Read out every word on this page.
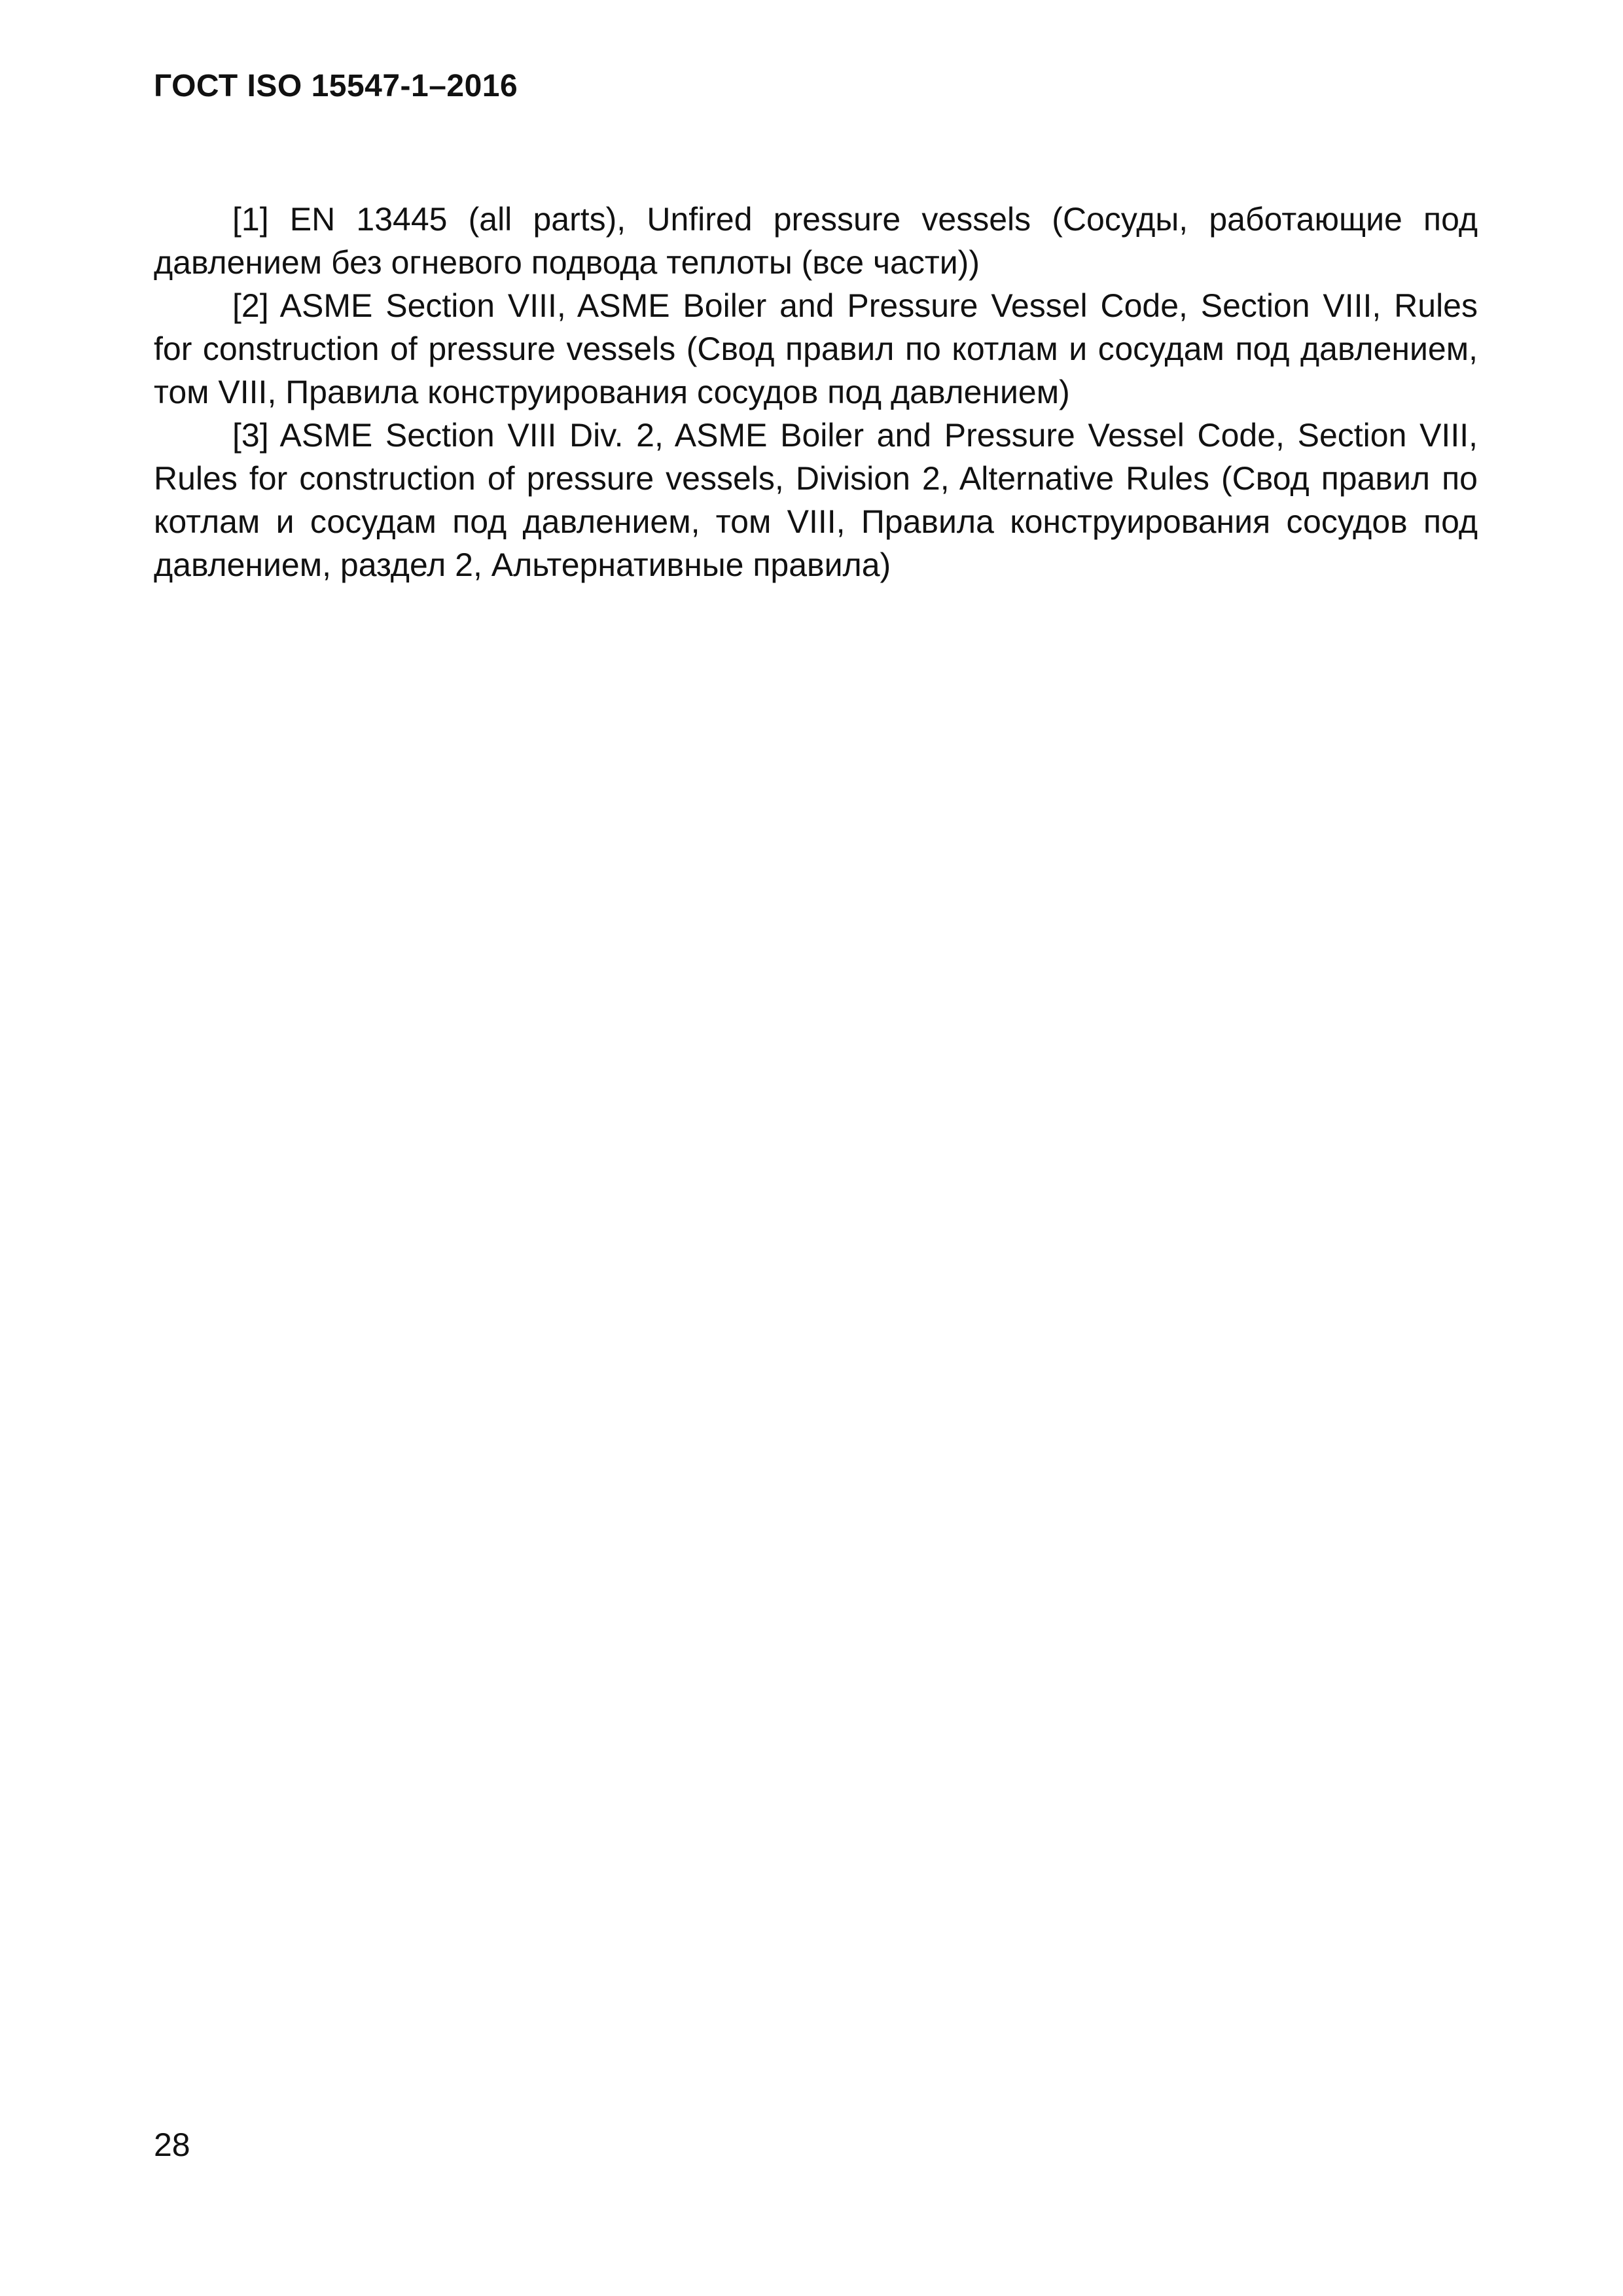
ГОСТ ISO 15547-1–2016

[1] EN 13445 (all parts), Unfired pressure vessels (Сосуды, работающие под давлением без огневого подвода теплоты (все части))

[2] ASME Section VIII, ASME Boiler and Pressure Vessel Code, Section VIII, Rules for construction of pressure vessels (Свод правил по котлам и сосудам под давлением, том VIII, Правила конструирования сосудов под давлением)

[3] ASME Section VIII Div. 2, ASME Boiler and Pressure Vessel Code, Section VIII, Rules for construction of pressure vessels, Division 2, Alternative Rules (Свод правил по котлам и сосудам под давлением, том VIII, Правила конструирования сосудов под давлением, раздел 2, Альтернативные правила)

28
